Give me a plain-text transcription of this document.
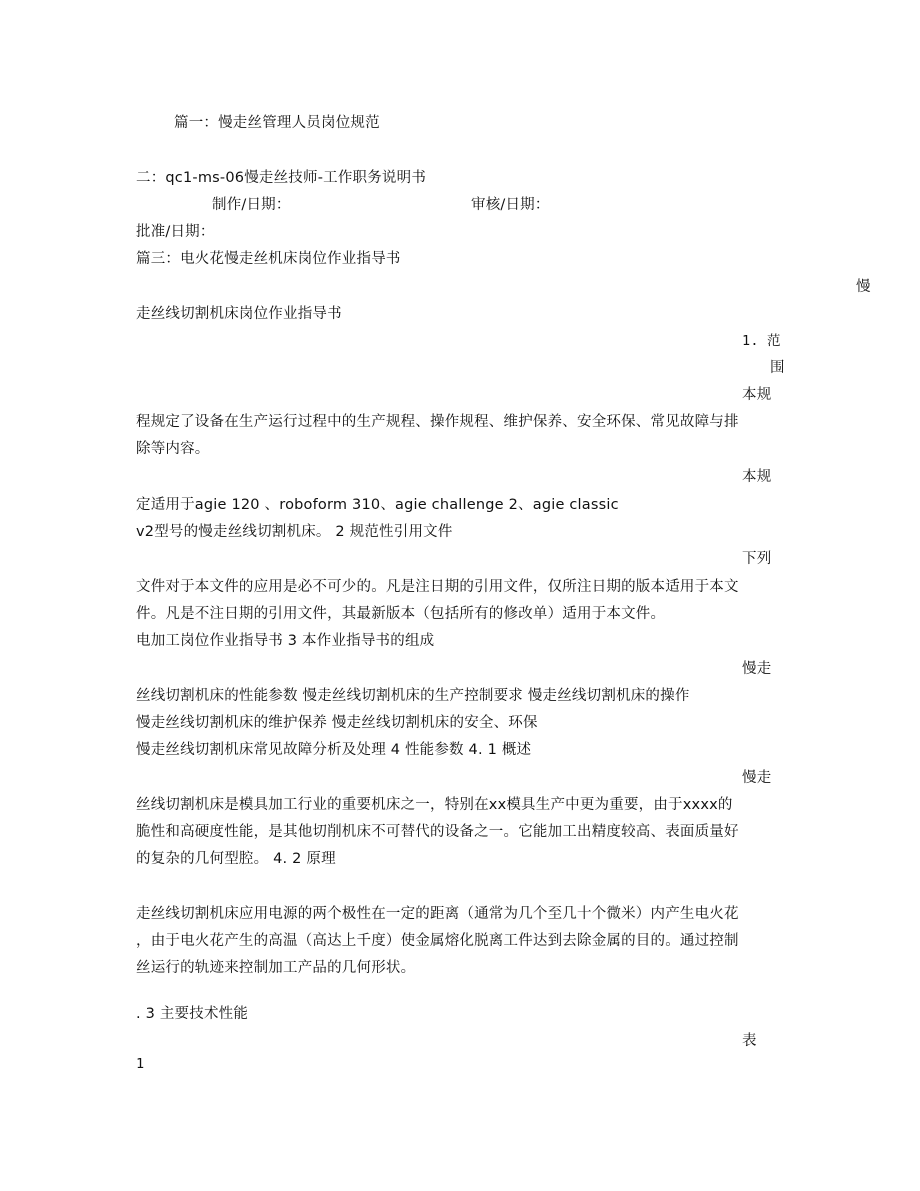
篇一：慢走丝管理人员岗位规范
二：qc1-ms-06慢走丝技师-工作职务说明书
制作/日期：	审核/日期：
批准/日期：
篇三：电火花慢走丝机床岗位作业指导书
慢
走丝线切割机床岗位作业指导书
1. 范
围
本规
程规定了设备在生产运行过程中的生产规程、操作规程、维护保养、安全环保、常见故障与排
除等内容。
本规
定适用于agie 120 、roboform 310、agie challenge 2、agie classic
v2型号的慢走丝线切割机床。 2 规范性引用文件
下列
文件对于本文件的应用是必不可少的。凡是注日期的引用文件，仅所注日期的版本适用于本文
件。凡是不注日期的引用文件，其最新版本（包括所有的修改单）适用于本文件。
电加工岗位作业指导书 3 本作业指导书的组成
慢走
丝线切割机床的性能参数 慢走丝线切割机床的生产控制要求 慢走丝线切割机床的操作
慢走丝线切割机床的维护保养 慢走丝线切割机床的安全、环保
慢走丝线切割机床常见故障分析及处理 4 性能参数 4. 1 概述
慢走
丝线切割机床是模具加工行业的重要机床之一，特别在xx模具生产中更为重要，由于xxxx的
脆性和高硬度性能，是其他切削机床不可替代的设备之一。它能加工出精度较高、表面质量好
的复杂的几何型腔。 4. 2 原理
走丝线切割机床应用电源的两个极性在一定的距离（通常为几个至几十个微米）内产生电火花
，由于电火花产生的高温（高达上千度）使金属熔化脱离工件达到去除金属的目的。通过控制
丝运行的轨迹来控制加工产品的几何形状。
. 3 主要技术性能
表
1
